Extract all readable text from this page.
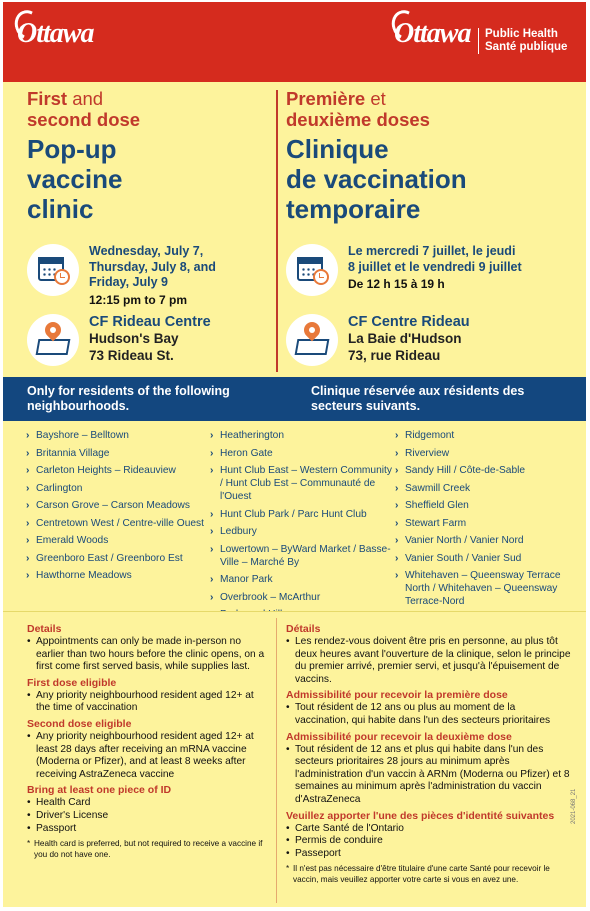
Ottawa	Ottawa Public Health
Santé publique
First and
second dose
Pop-up
vaccine
clinic
Wednesday, July 7, Thursday, July 8, and Friday, July 9
12:15 pm to 7 pm
CF Rideau Centre
Hudson's Bay
73 Rideau St.
Première et
deuxième doses
Clinique
de vaccination
temporaire
Le mercredi 7 juillet, le jeudi 8 juillet et le vendredi 9 juillet
De 12 h 15 à 19 h
CF Centre Rideau
La Baie d'Hudson
73, rue Rideau
Only for residents of the following neighbourhoods.
Clinique réservée aux résidents des secteurs suivants.
› Bayshore – Belltown
› Britannia Village
› Carleton Heights – Rideauview
› Carlington
› Carson Grove – Carson Meadows
› Centretown West / Centre-ville Ouest
› Emerald Woods
› Greenboro East / Greenboro Est
› Hawthorne Meadows
› Heatherington
› Heron Gate
› Hunt Club East – Western Community / Hunt Club Est – Communauté de l'Ouest
› Hunt Club Park / Parc Hunt Club
› Ledbury
› Lowertown – ByWard Market / Basse-Ville – Marché By
› Manor Park
› Overbrook – McArthur
›
› Ridgemont
› Riverview
› Sandy Hill / Côte-de-Sable
› Sawmill Creek
› Sheffield Glen
› Stewart Farm
› Vanier North / Vanier Nord
› Vanier South / Vanier Sud
› Whitehaven – Queensway Terrace North / Whitehaven – Queensway Terrace-Nord
Details
• Appointments can only be made in-person no earlier than two hours before the clinic opens, on a first come first served basis, while supplies last.
First dose eligible
• Any priority neighbourhood resident aged 12+ at the time of vaccination
Second dose eligible
• Any priority neighbourhood resident aged 12+ at least 28 days after receiving an mRNA vaccine (Moderna or Pfizer), and at least 8 weeks after receiving AstraZeneca vaccine
Bring at least one piece of ID
• Health Card
• Driver's License
• Passport
* Health card is preferred, but not required to receive a vaccine if you do not have one.
Détails
• Les rendez-vous doivent être pris en personne, au plus tôt deux heures avant l'ouverture de la clinique, selon le principe du premier arrivé, premier servi, et jusqu'à l'épuisement de vaccins.
Admissibilité pour recevoir la première dose
• Tout résident de 12 ans ou plus au moment de la vaccination, qui habite dans l'un des secteurs prioritaires
Admissibilité pour recevoir la deuxième dose
• Tout résident de 12 ans et plus qui habite dans l'un des secteurs prioritaires 28 jours au minimum après l'administration d'un vaccin à ARNm (Moderna ou Pfizer) et 8 semaines au minimum après l'administration du vaccin d'AstraZeneca
Veuillez apporter l'une des pièces d'identité suivantes
• Carte Santé de l'Ontario
• Permis de conduire
• Passeport
* Il n'est pas nécessaire d'être titulaire d'une carte Santé pour recevoir le vaccin, mais veuillez apporter votre carte si vous en avez une.
2021-068_21
